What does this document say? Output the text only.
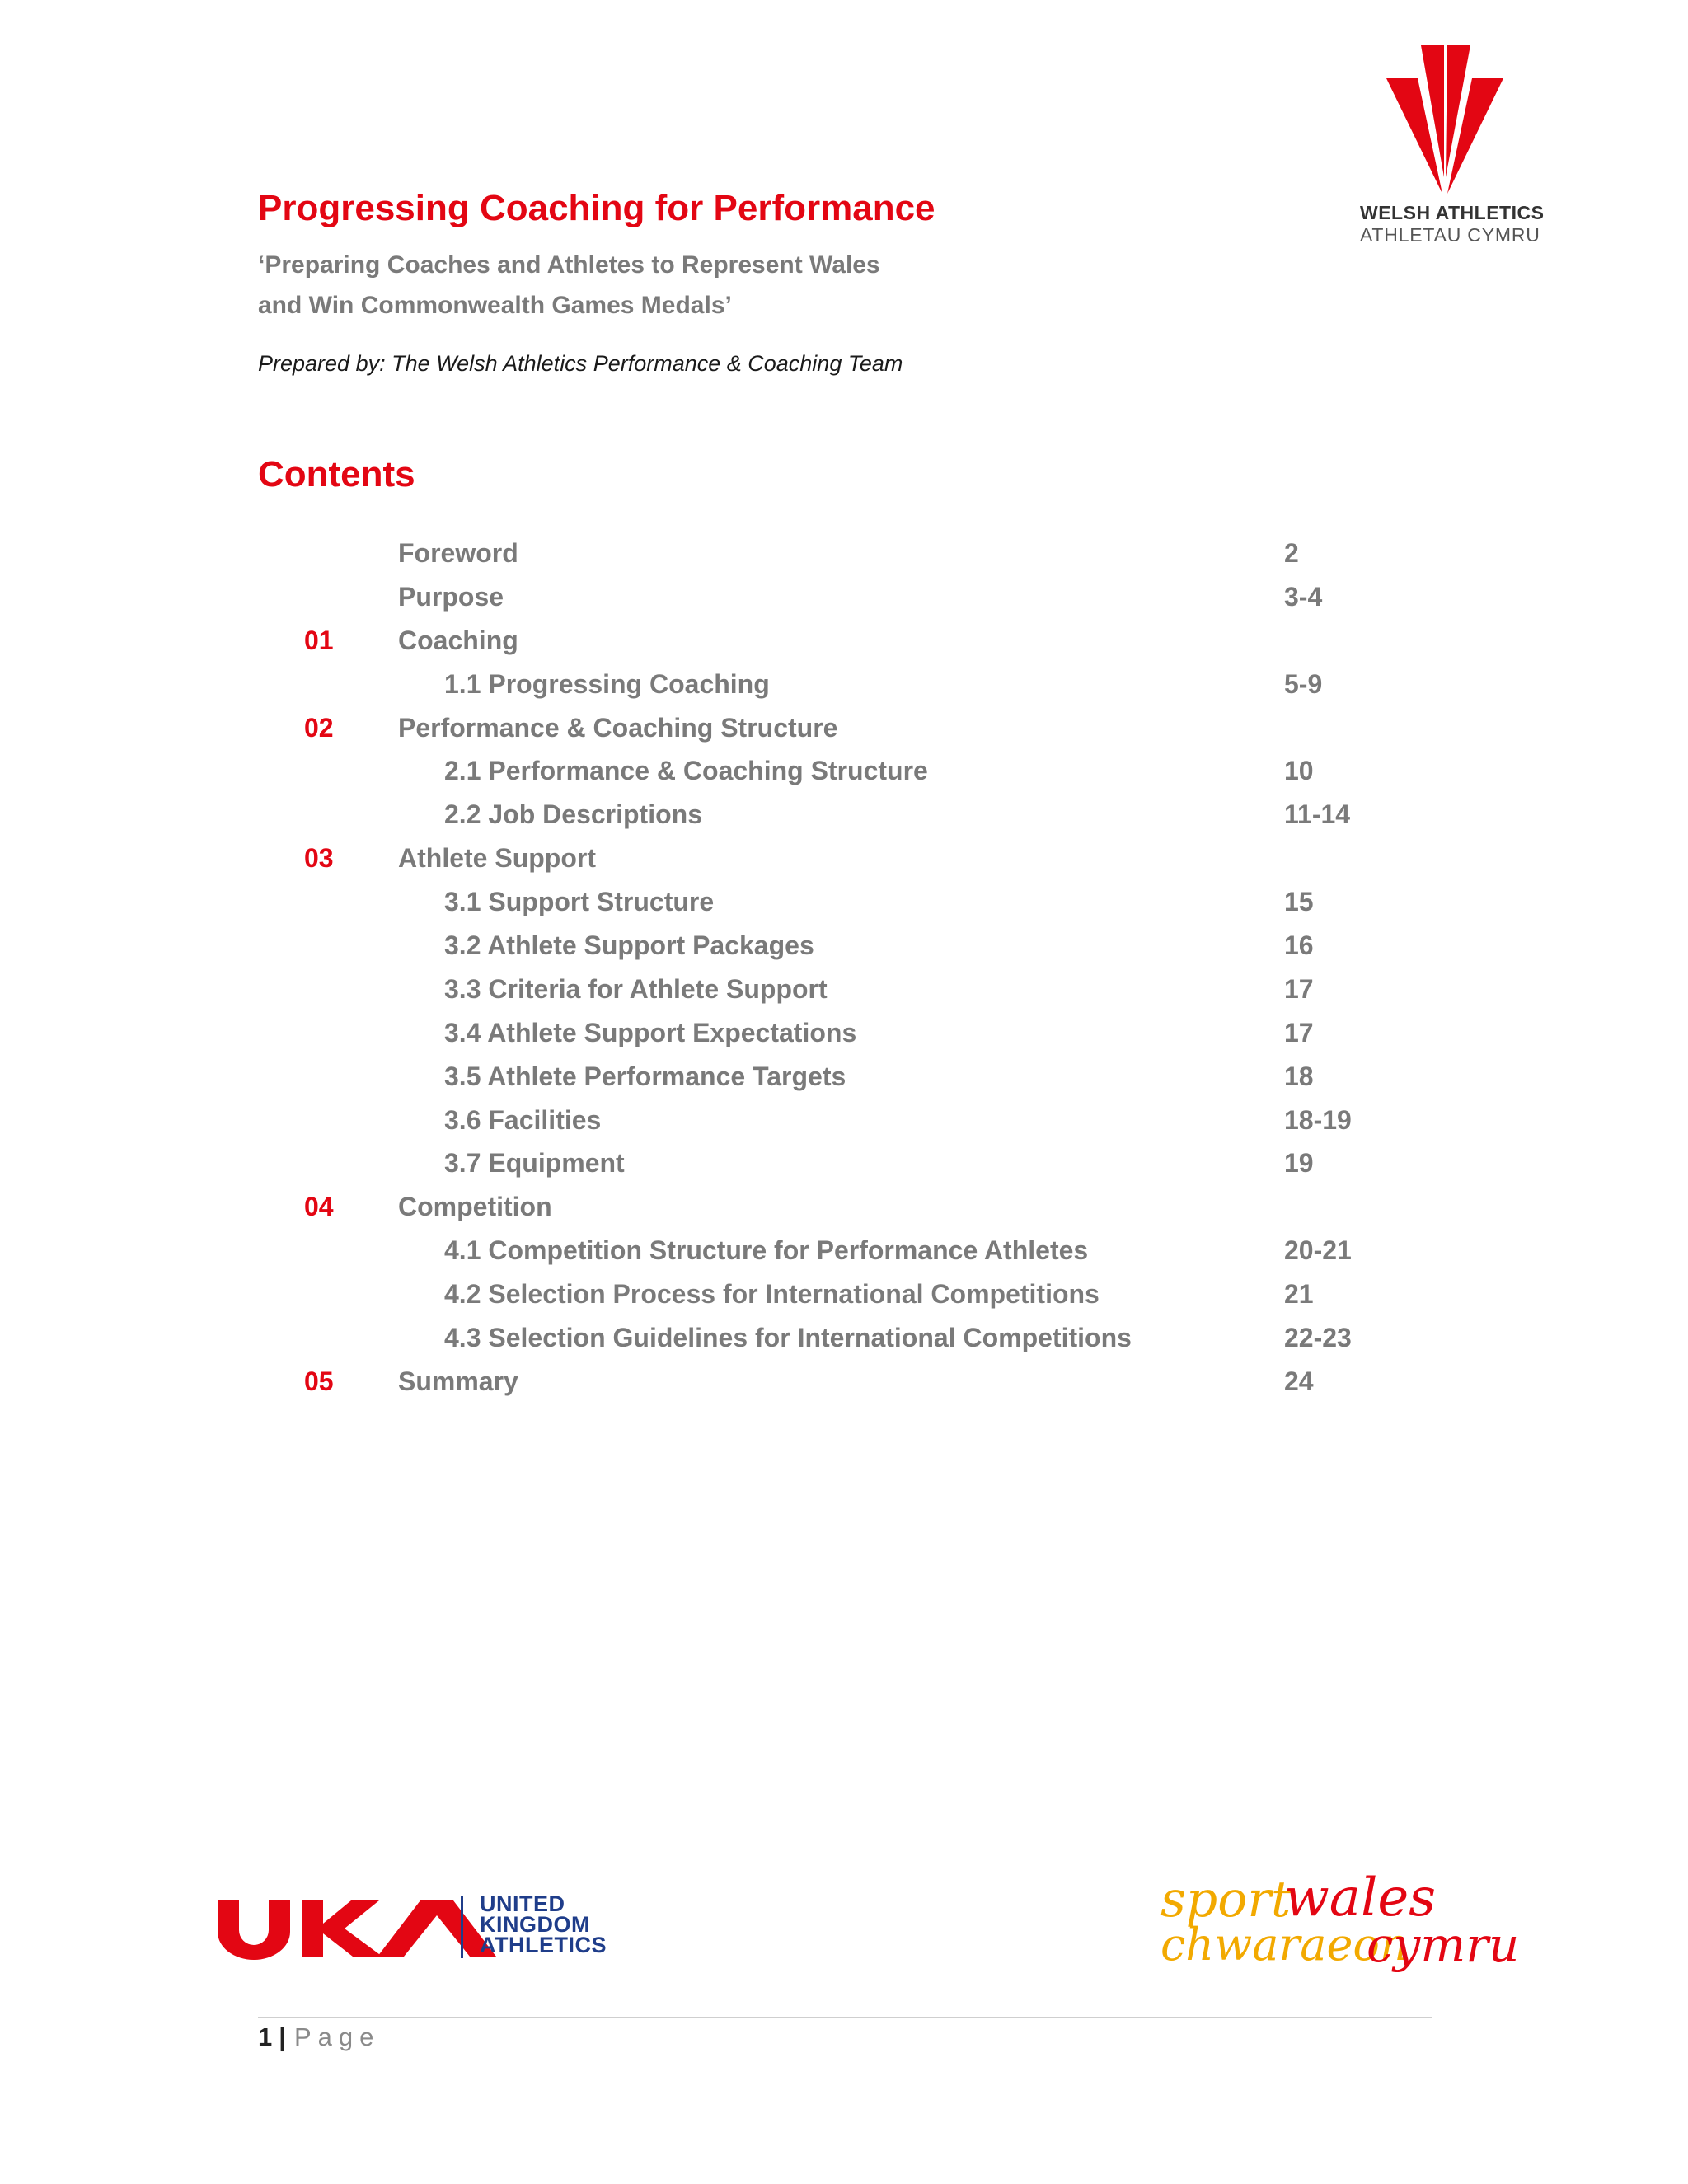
WELSH ATHLETICS
ATHLETAU CYMRU
Progressing Coaching for Performance
‘Preparing Coaches and Athletes to Represent Wales
and Win Commonwealth Games Medals’
Prepared by: The Welsh Athletics Performance & Coaching Team
Contents
Foreword	2
Purpose	3-4
01 Coaching
1.1 Progressing Coaching	5-9
02 Performance & Coaching Structure
2.1 Performance & Coaching Structure	10
2.2 Job Descriptions	11-14
03 Athlete Support
3.1 Support Structure	15
3.2 Athlete Support Packages	16
3.3 Criteria for Athlete Support	17
3.4 Athlete Support Expectations	17
3.5 Athlete Performance Targets	18
3.6 Facilities	18-19
3.7 Equipment	19
04 Competition
4.1 Competition Structure for Performance Athletes	20-21
4.2 Selection Process for International Competitions	21
4.3 Selection Guidelines for International Competitions	22-23
05 Summary	24
UNITED
KINGDOM
ATHLETICS
sport
wales
chwaraeon
cymru
1 | Page
